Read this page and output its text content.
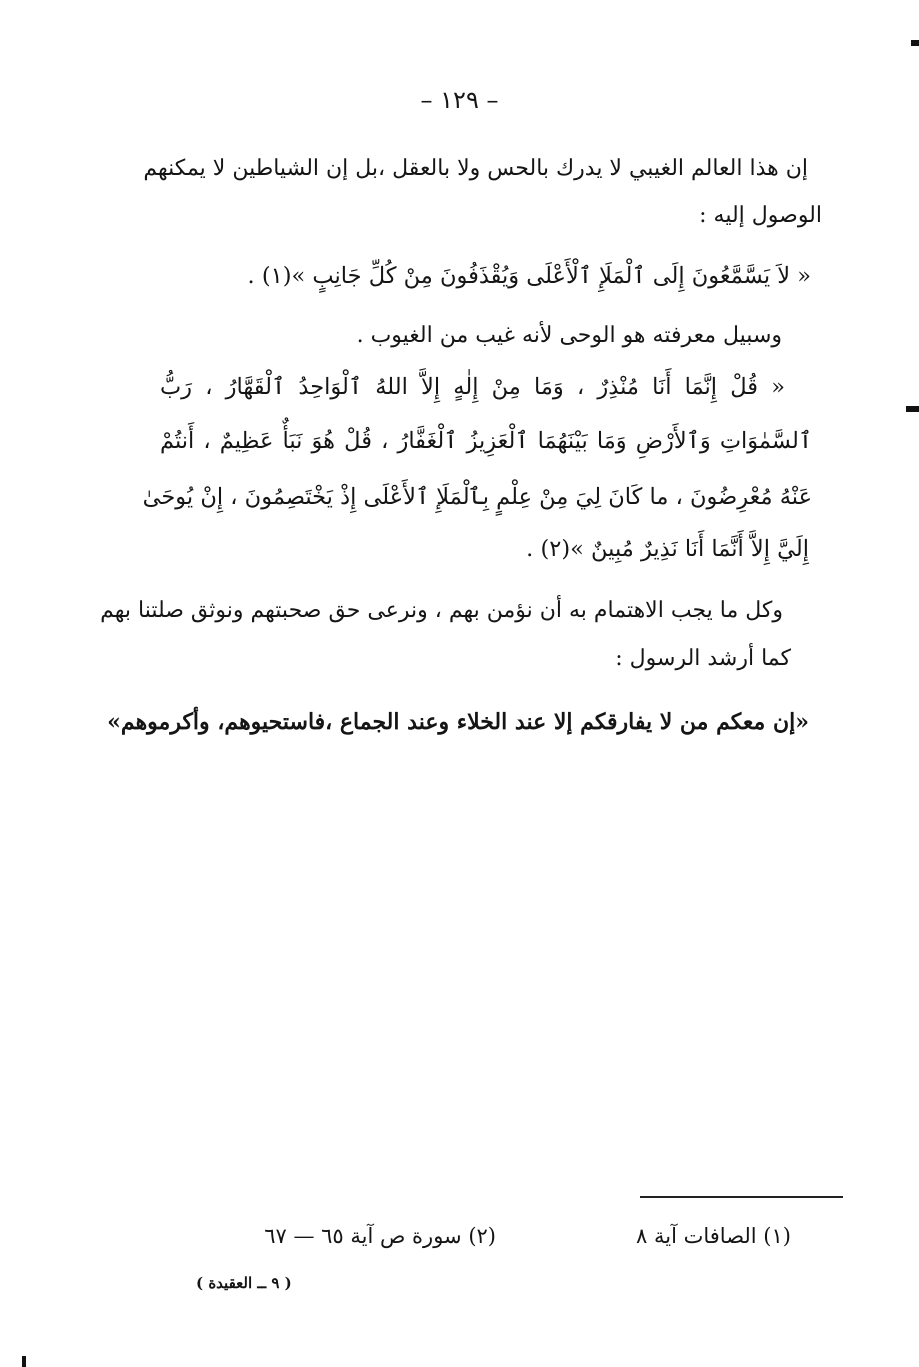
– ١٢٩ –
إن هذا العالم الغيبي لا يدرك بالحس ولا بالعقل ،بل إن الشياطين لا يمكنهم
الوصول إليه :
« لاَ يَسَّمَّعُونَ إِلَى ٱلْمَلَإِ ٱلْأَعْلَى وَيُقْذَفُونَ مِنْ كُلِّ جَانِبٍ »(١) .
وسبيل معرفته هو الوحى لأنه غيب من الغيوب .
« قُلْ إِنَّمَا أَنَا مُنْذِرٌ ، وَمَا مِنْ إِلٰهٍ إِلاَّ اللهُ ٱلْوَاحِدُ ٱلْقَهَّارُ ، رَبُّ
ٱلسَّمٰوَاتِ وَٱلأَرْضِ وَمَا بَيْنَهُمَا ٱلْعَزِيزُ ٱلْغَفَّارُ ، قُلْ هُوَ نَبَأٌ عَظِيمٌ ، أَنتُمْ
عَنْهُ مُعْرِضُونَ ، ما كَانَ لِيَ مِنْ عِلْمٍ بِٱلْمَلَإِ ٱلأَعْلَى إِذْ يَخْتَصِمُونَ ، إِنْ يُوحَىٰ
إِلَيَّ إِلاَّ أَنَّمَا أَنَا نَذِيرٌ مُبِينٌ »(٢) .
وكل ما يجب الاهتمام به أن نؤمن بهم ، ونرعى حق صحبتهم ونوثق صلتنا بهم
كما أرشد الرسول :
«إن معكم من لا يفارقكم إلا عند الخلاء وعند الجماع ،فاستحيوهم، وأكرموهم»
(١) الصافات آية ٨
(٢) سورة ص آية ٦٥ — ٦٧
( ٩ ــ العقيدة )
